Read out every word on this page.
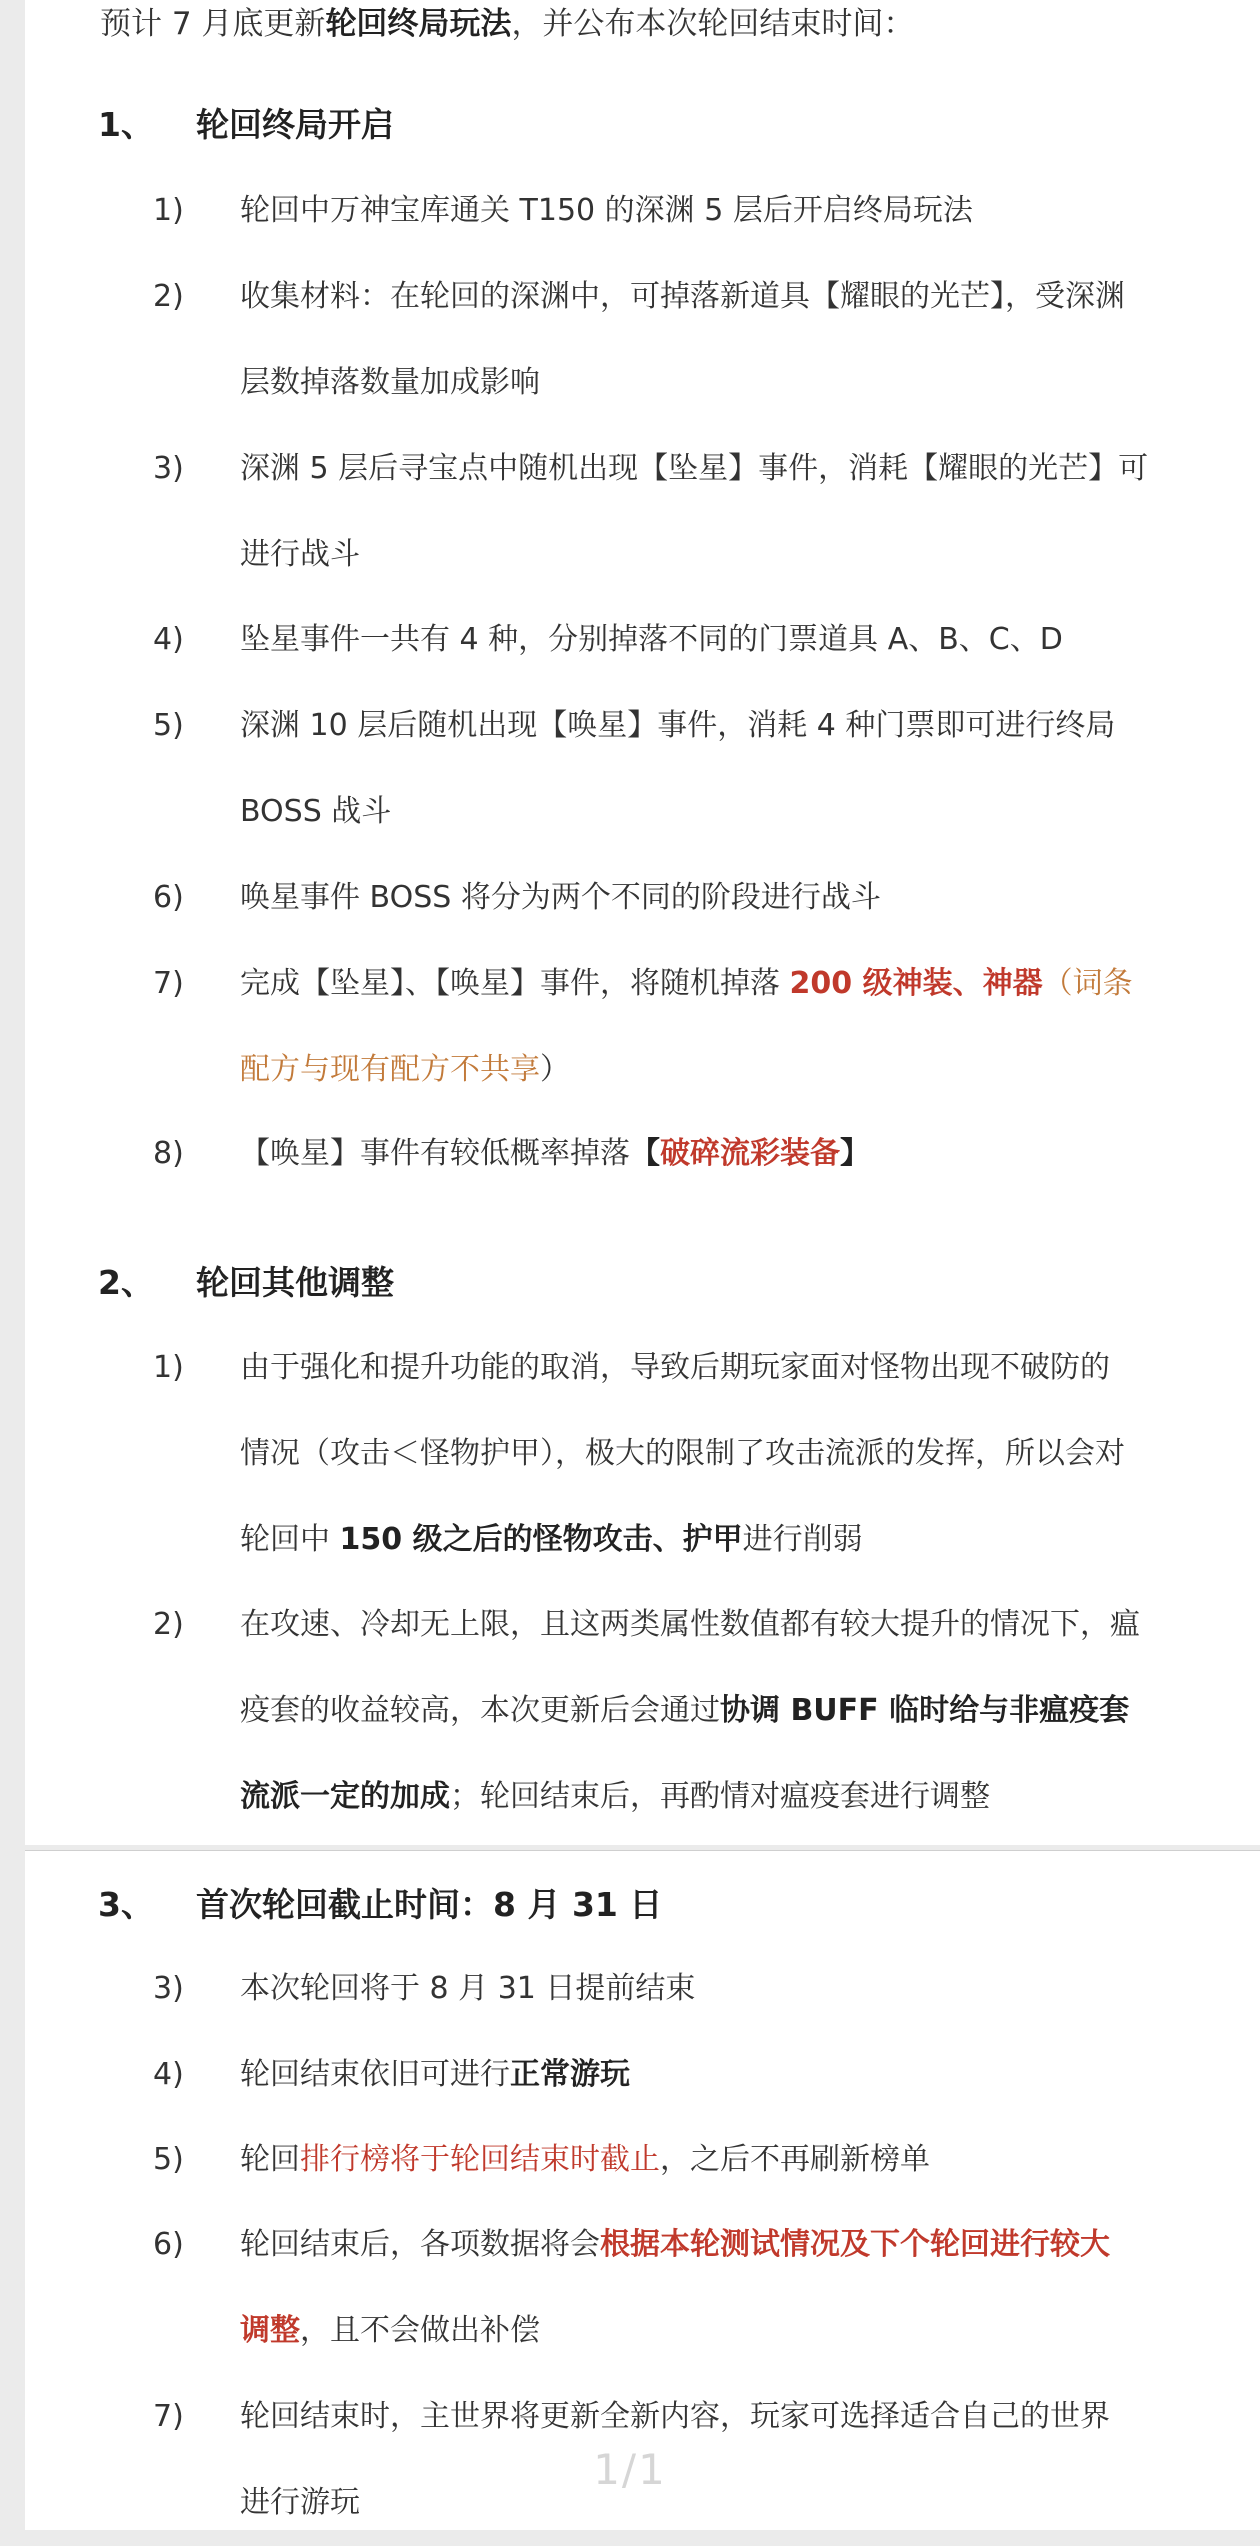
预计 7 月底更新轮回终局玩法，并公布本次轮回结束时间：
1、 轮回终局开启
1) 轮回中万神宝库通关 T150 的深渊 5 层后开启终局玩法
2) 收集材料：在轮回的深渊中，可掉落新道具【耀眼的光芒】，受深渊
层数掉落数量加成影响
3) 深渊 5 层后寻宝点中随机出现【坠星】事件，消耗【耀眼的光芒】可
进行战斗
4) 坠星事件一共有 4 种，分别掉落不同的门票道具 A、B、C、D
5) 深渊 10 层后随机出现【唤星】事件，消耗 4 种门票即可进行终局
BOSS 战斗
6) 唤星事件 BOSS 将分为两个不同的阶段进行战斗
7) 完成【坠星】、【唤星】事件，将随机掉落 200 级神装、神器（词条
配方与现有配方不共享）
8) 【唤星】事件有较低概率掉落【破碎流彩装备】
2、 轮回其他调整
1) 由于强化和提升功能的取消，导致后期玩家面对怪物出现不破防的
情况（攻击＜怪物护甲），极大的限制了攻击流派的发挥，所以会对
轮回中 150 级之后的怪物攻击、护甲进行削弱
2) 在攻速、冷却无上限，且这两类属性数值都有较大提升的情况下，瘟
疫套的收益较高，本次更新后会通过协调 BUFF 临时给与非瘟疫套
流派一定的加成；轮回结束后，再酌情对瘟疫套进行调整
3、 首次轮回截止时间：8 月 31 日
3) 本次轮回将于 8 月 31 日提前结束
4) 轮回结束依旧可进行正常游玩
5) 轮回排行榜将于轮回结束时截止，之后不再刷新榜单
6) 轮回结束后，各项数据将会根据本轮测试情况及下个轮回进行较大
调整，且不会做出补偿
7) 轮回结束时，主世界将更新全新内容，玩家可选择适合自己的世界
进行游玩
1/1
